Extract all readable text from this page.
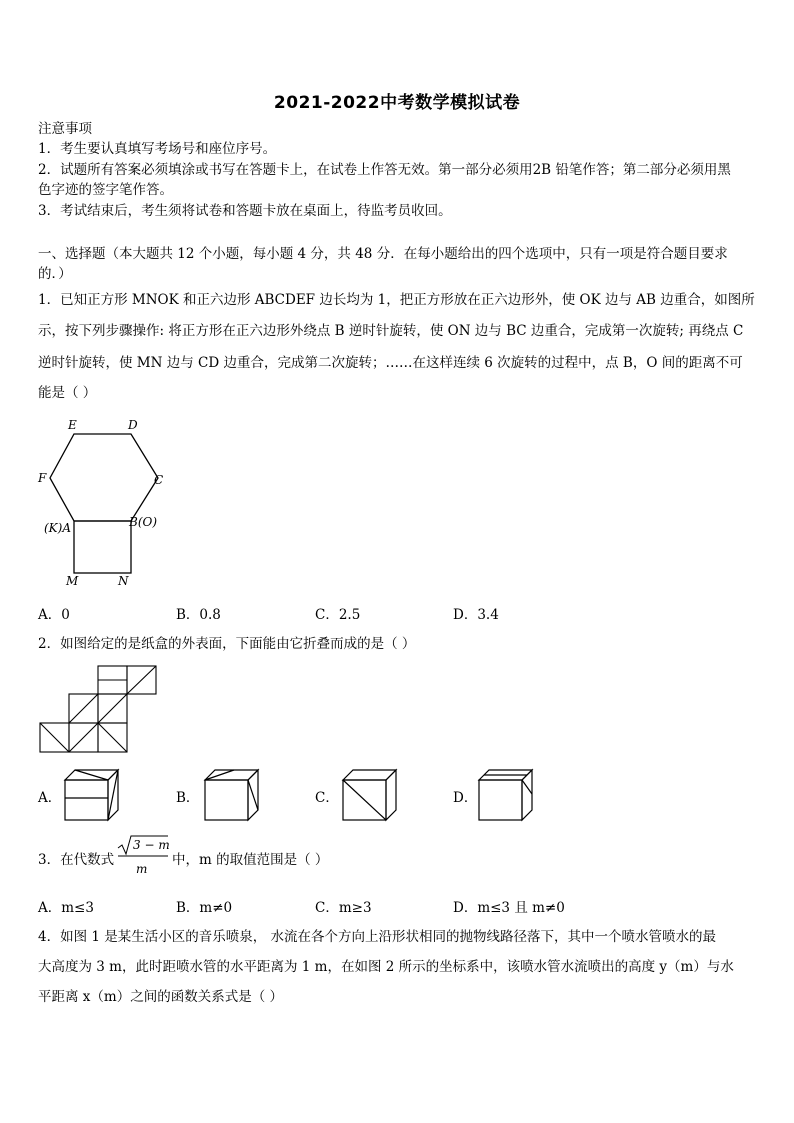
2021-2022中考数学模拟试卷
注意事项
1．考生要认真填写考场号和座位序号。
2．试题所有答案必须填涂或书写在答题卡上，在试卷上作答无效。第一部分必须用2B 铅笔作答；第二部分必须用黑
色字迹的签字笔作答。
3．考试结束后，考生须将试卷和答题卡放在桌面上，待监考员收回。
一、选择题（本大题共 12 个小题，每小题 4 分，共 48 分．在每小题给出的四个选项中，只有一项是符合题目要求
的．）
1．已知正方形 MNOK 和正六边形 ABCDEF 边长均为 1，把正方形放在正六边形外，使 OK 边与 AB 边重合，如图所
示，按下列步骤操作: 将正方形在正六边形外绕点 B 逆时针旋转，使 ON 边与 BC 边重合，完成第一次旋转; 再绕点 C
逆时针旋转，使 MN 边与 CD 边重合，完成第二次旋转；……在这样连续 6 次旋转的过程中，点 B，O 间的距离不可
能是（ ）
E	D
F	C
(K)A	B(O)
M	N
A．0	B．0.8	C．2.5	D．3.4
2．如图给定的是纸盒的外表面，下面能由它折叠而成的是（ ）
A．	B．	C．	D．
3．在代数式
3 − m
m
中，m 的取值范围是（ ）
A．m≤3	B．m≠0	C．m≥3	D．m≤3 且 m≠0
4．如图 1 是某生活小区的音乐喷泉， 水流在各个方向上沿形状相同的抛物线路径落下，其中一个喷水管喷水的最
大高度为 3 m，此时距喷水管的水平距离为 1 m，在如图 2 所示的坐标系中，该喷水管水流喷出的高度 y（m）与水
平距离 x（m）之间的函数关系式是（ ）
